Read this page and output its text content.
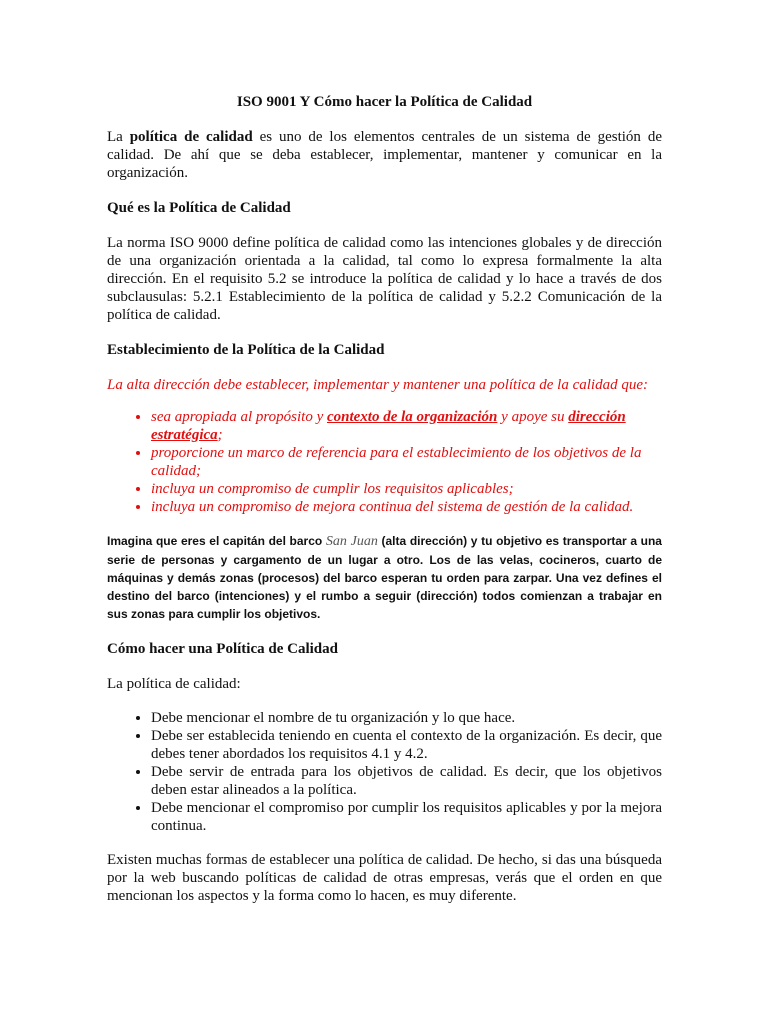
ISO 9001 Y Cómo hacer la Política de Calidad

La política de calidad es uno de los elementos centrales de un sistema de gestión de calidad. De ahí que se deba establecer, implementar, mantener y comunicar en la organización.

Qué es la Política de Calidad

La norma ISO 9000 define política de calidad como las intenciones globales y de dirección de una organización orientada a la calidad, tal como lo expresa formalmente la alta dirección. En el requisito 5.2 se introduce la política de calidad y lo hace a través de dos subclausulas: 5.2.1 Establecimiento de la política de calidad y 5.2.2 Comunicación de la política de calidad.

Establecimiento de la Política de la Calidad

La alta dirección debe establecer, implementar y mantener una política de la calidad que:

• sea apropiada al propósito y contexto de la organización y apoye su dirección estratégica;
• proporcione un marco de referencia para el establecimiento de los objetivos de la calidad;
• incluya un compromiso de cumplir los requisitos aplicables;
• incluya un compromiso de mejora continua del sistema de gestión de la calidad.

Imagina que eres el capitán del barco San Juan (alta dirección) y tu objetivo es transportar a una serie de personas y cargamento de un lugar a otro. Los de las velas, cocineros, cuarto de máquinas y demás zonas (procesos) del barco esperan tu orden para zarpar. Una vez defines el destino del barco (intenciones) y el rumbo a seguir (dirección) todos comienzan a trabajar en sus zonas para cumplir los objetivos.

Cómo hacer una Política de Calidad

La política de calidad:

• Debe mencionar el nombre de tu organización y lo que hace.
• Debe ser establecida teniendo en cuenta el contexto de la organización. Es decir, que debes tener abordados los requisitos 4.1 y 4.2.
• Debe servir de entrada para los objetivos de calidad. Es decir, que los objetivos deben estar alineados a la política.
• Debe mencionar el compromiso por cumplir los requisitos aplicables y por la mejora continua.

Existen muchas formas de establecer una política de calidad. De hecho, si das una búsqueda por la web buscando políticas de calidad de otras empresas, verás que el orden en que mencionan los aspectos y la forma como lo hacen, es muy diferente.
